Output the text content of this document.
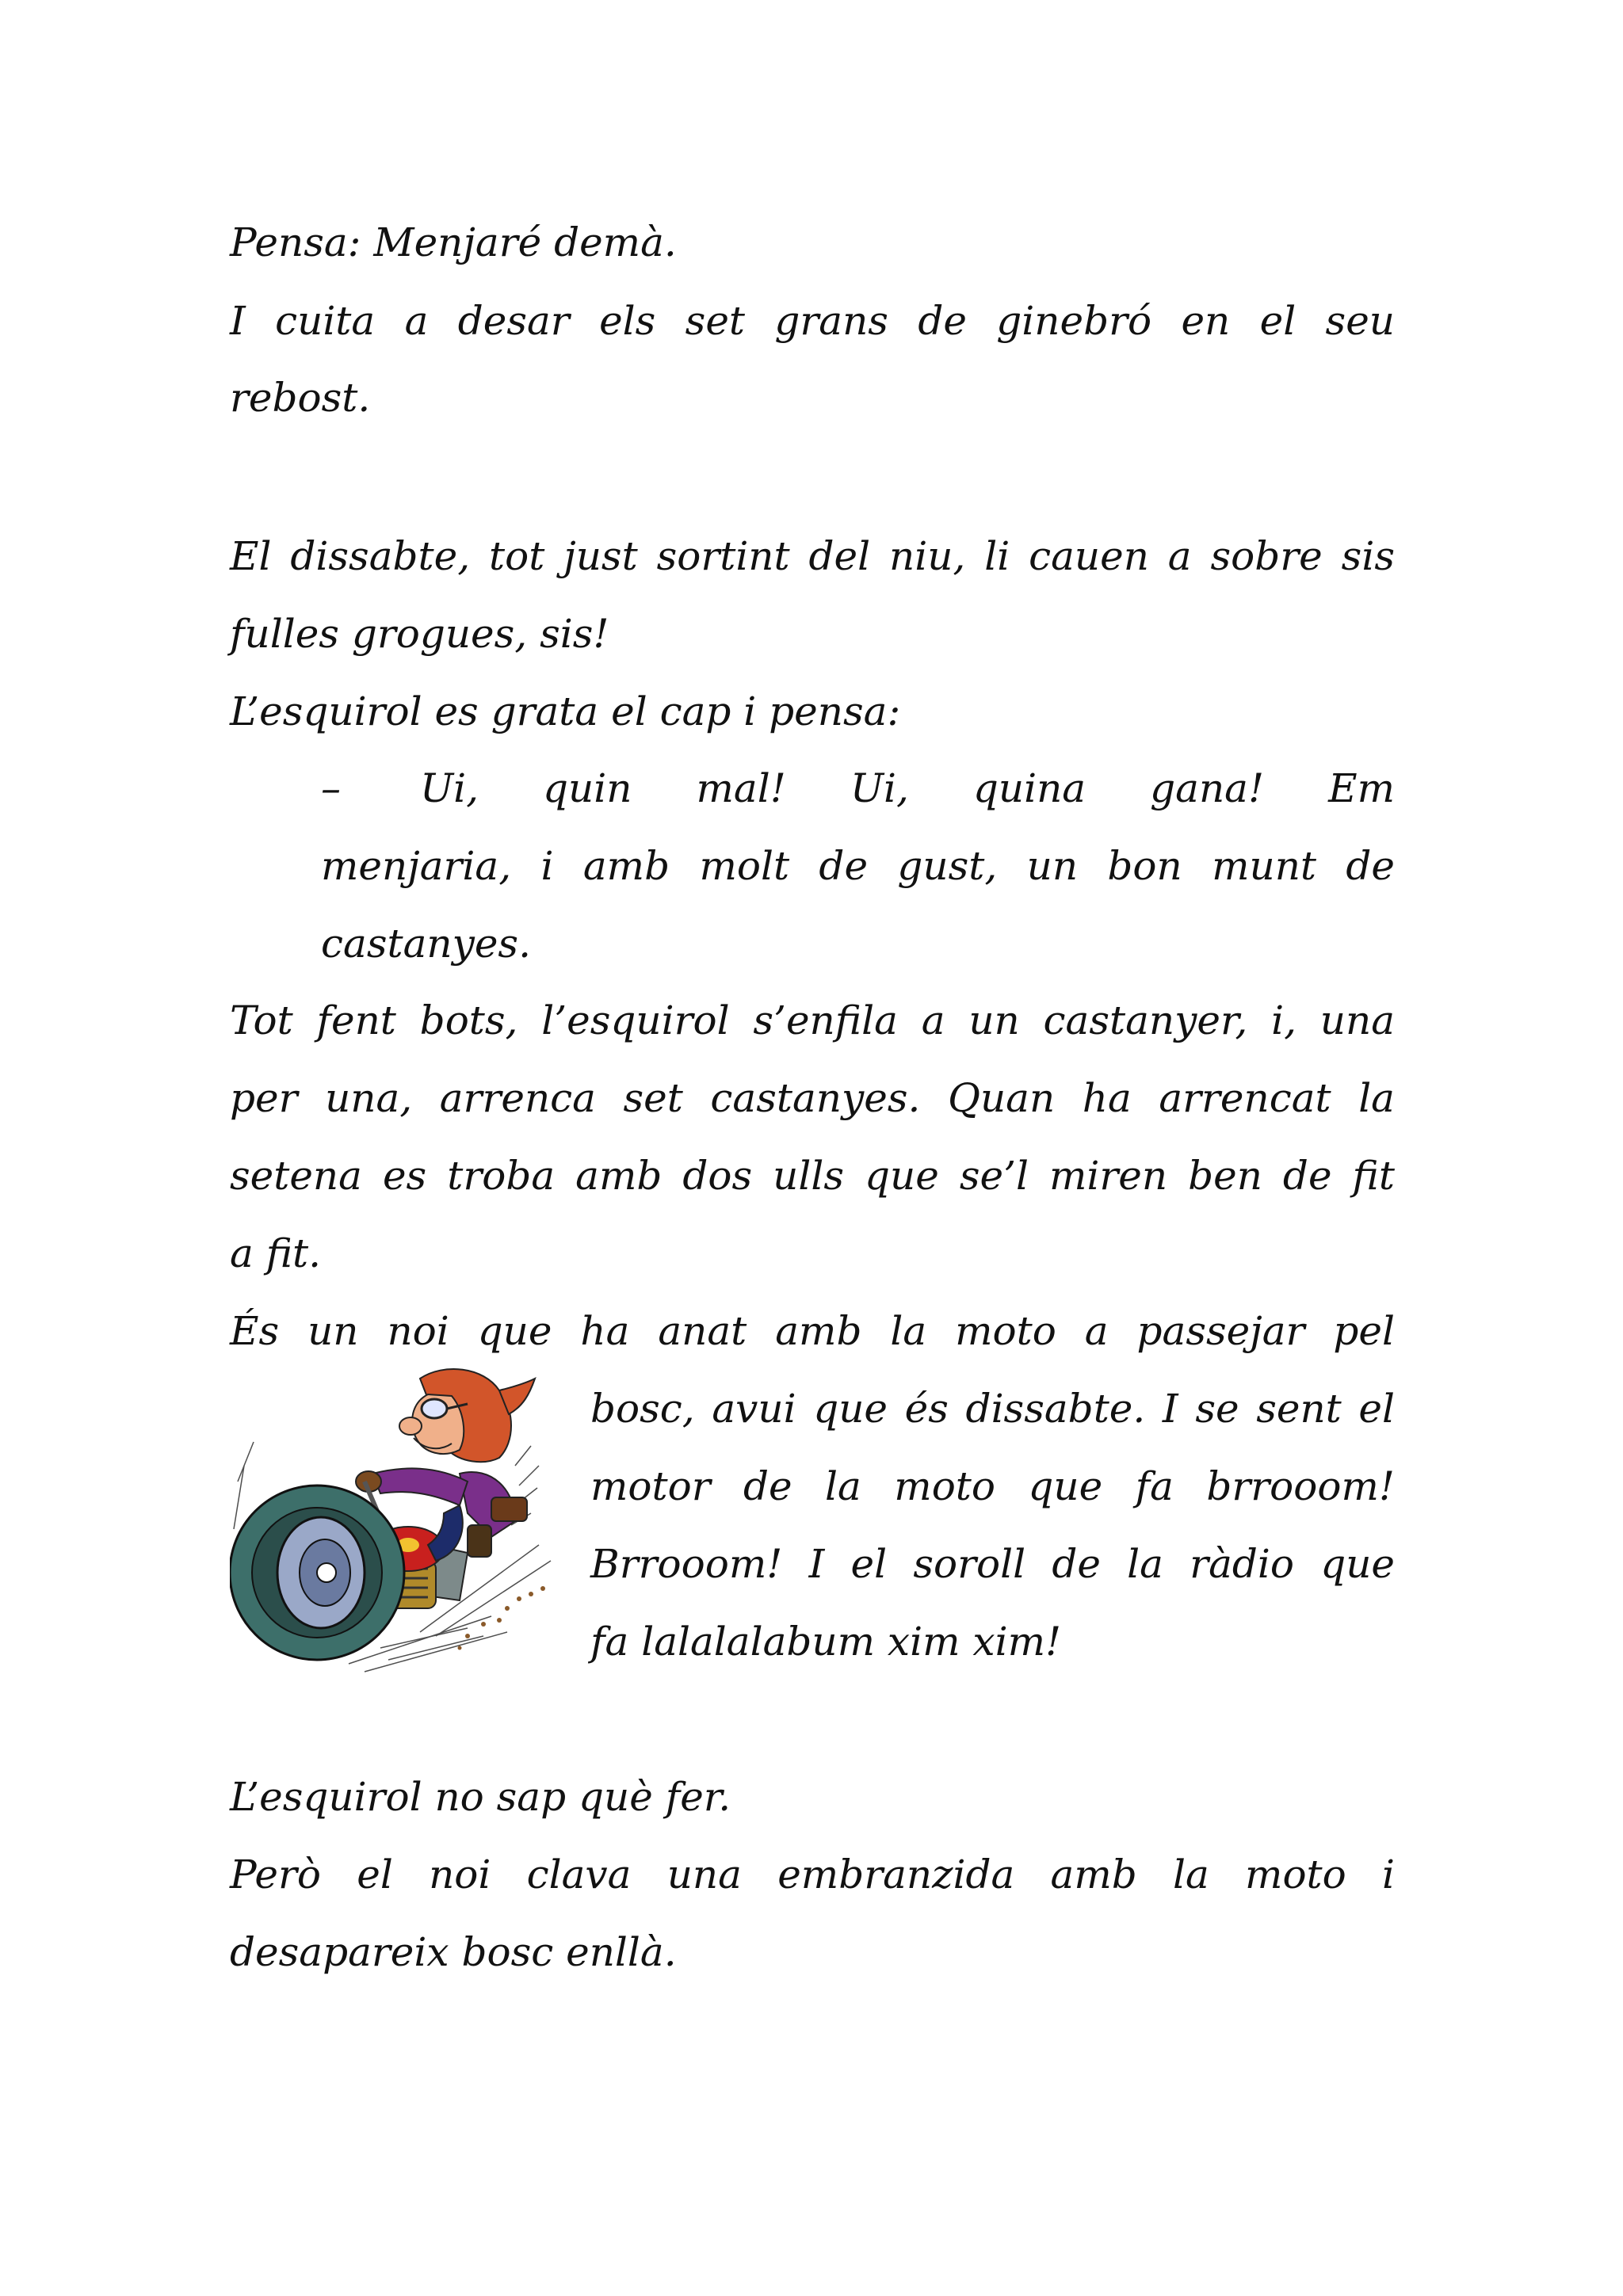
Pensa: Menjaré demà.
I cuita a desar els set grans de ginebró en el seu
rebost.
El dissabte, tot just sortint del niu, li cauen a sobre sis
fulles grogues, sis!
L’esquirol es grata el cap i pensa:
– Ui, quin mal! Ui, quina gana! Em
menjaria, i amb molt de gust, un bon munt de
castanyes.
Tot fent bots, l’esquirol s’enfila a un castanyer, i, una
per una, arrenca set castanyes. Quan ha arrencat la
setena es troba amb dos ulls que se’l miren ben de fit
a fit.
És un noi que ha anat amb la moto a passejar pel
bosc, avui que és dissabte. I se sent el
motor de la moto que fa brrooom!
Brrooom! I el soroll de la ràdio que
fa lalalalabum xim xim!
L’esquirol no sap què fer.
Però el noi clava una embranzida amb la moto i
desapareix bosc enllà.
